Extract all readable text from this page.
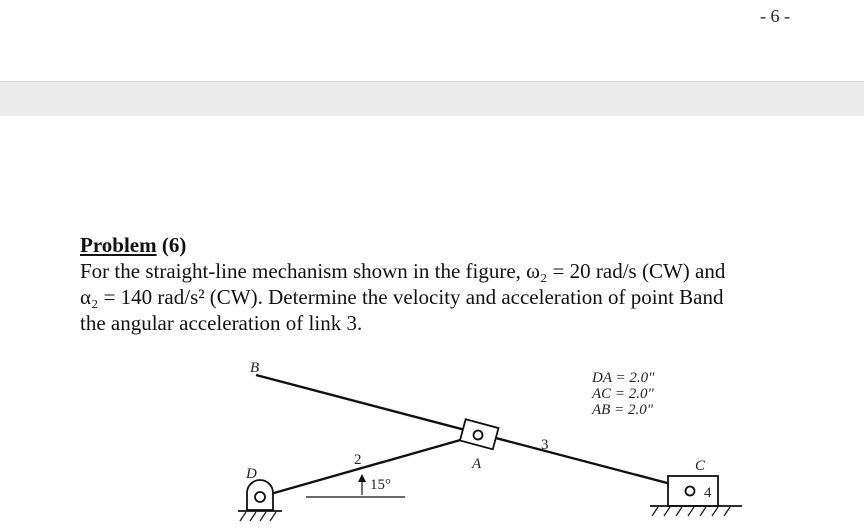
- 6 -
Problem (6)
For the straight-line mechanism shown in the figure, ω₂ = 20 rad/s (CW) and
α₂ = 140 rad/s² (CW). Determine the velocity and acceleration of point Band
the angular acceleration of link 3.
B
D
A	C
2
3
4
15°
DA = 2.0"
AC = 2.0"
AB = 2.0"
